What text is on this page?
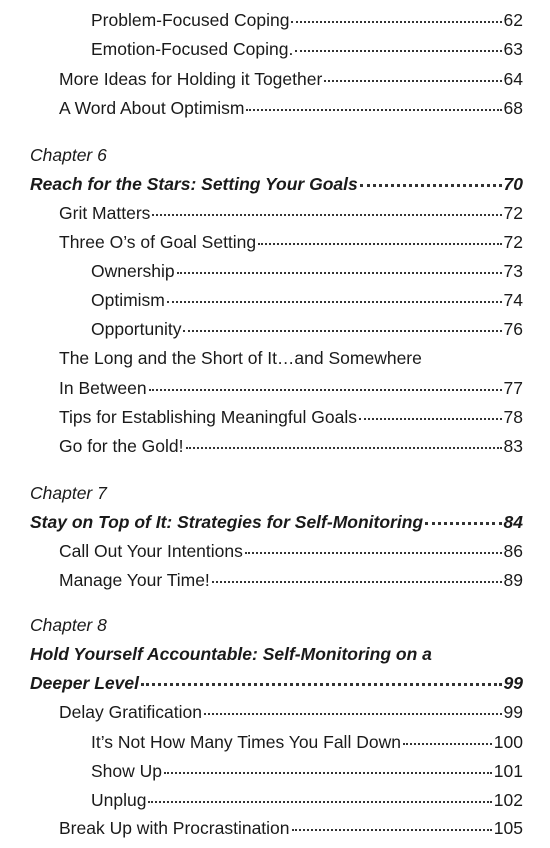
Problem-Focused Coping	62
Emotion-Focused Coping.	63
More Ideas for Holding it Together	64
A Word About Optimism	68
Chapter 6
Reach for the Stars: Setting Your Goals	70
Grit Matters	72
Three O’s of Goal Setting	72
Ownership	73
Optimism	74
Opportunity	76
The Long and the Short of It…and Somewhere
In Between	77
Tips for Establishing Meaningful Goals	78
Go for the Gold!	83
Chapter 7
Stay on Top of It: Strategies for Self-Monitoring	84
Call Out Your Intentions	86
Manage Your Time!	89
Chapter 8
Hold Yourself Accountable: Self-Monitoring on a
Deeper Level	99
Delay Gratification	99
It’s Not How Many Times You Fall Down	100
Show Up	101
Unplug	102
Break Up with Procrastination	105
